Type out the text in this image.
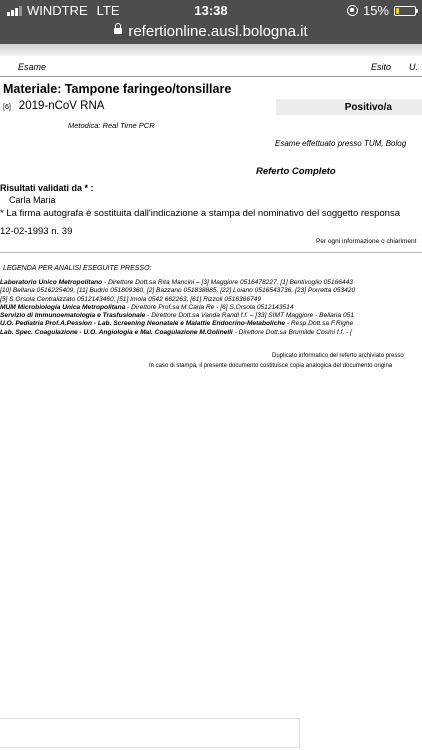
WINDTRE LTE	13:38	15%
refertionline.ausl.bologna.it
Esame	Esito U.
Materiale: Tampone faringeo/tonsillare
[6] 2019-nCoV RNA	Positivo/a
Metodica: Real Time PCR
Esame effettuato presso TUM, Bolog
Referto Completo
Risultati validati da * :
Carla Maria
* La firma autografa è sostituita dall'indicazione a stampa del nominativo del soggetto responsa
12-02-1993 n. 39
Per ogni informazione o chiariment
LEGENDA PER ANALISI ESEGUITE PRESSO:
Laboratorio Unico Metropolitano - Direttore Dott.sa Rita Mancini – [3] Maggiore 0516478227, [1] Bentivoglio 05166443
[10] Bellaria 0516225409, [11] Budrio 051809360, [2] Bazzano 051838885, [22] Loiano 0516543736, [23] Porretta 053420
[5] S.Orsola Centralizzato 0512143460, [51] Imola 0542 662263, [61] Rizzoli 0516366749
MUM Microbiologia Unica Metropolitana - Direttore Prof.sa M.Carla Re - [6] S.Orsola 0512143514
Servizio di Immunoematologia e Trasfusionale - Direttore Dott.sa Vanda Randi f.f. – [33] SIMT Maggiore - Bellaria 051
U.O. Pediatria Prof.A.Pession - Lab. Screening Neonatale e Malattie Endocrino-Metaboliche - Resp.Dott.sa F.Righe
Lab. Spec. Coagulazione - U.O. Angiologia e Mal. Coagulazione M.Golinelli - Direttore Dott.sa Brumilde Cosmi f.f. - [
Duplicato informatico del referto archiviato presso
In caso di stampa, il presente documento costituisce copia analogica del documento origina
